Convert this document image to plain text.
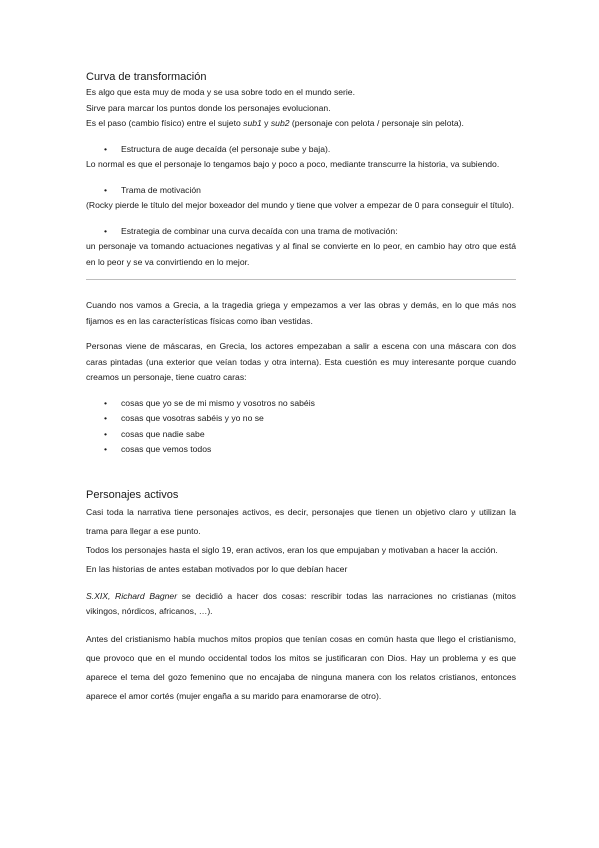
Curva de transformación

Es algo que esta muy de moda y se usa sobre todo en el mundo serie.

Sirve para marcar los puntos donde los personajes evolucionan.

Es el paso (cambio físico) entre el sujeto sub1 y sub2 (personaje con pelota / personaje sin pelota).

• Estructura de auge decaída (el personaje sube y baja).

Lo normal es que el personaje lo tengamos bajo y poco a poco, mediante transcurre la historia, va subiendo.

• Trama de motivación

(Rocky pierde le título del mejor boxeador del mundo y tiene que volver a empezar de 0 para conseguir el título).

• Estrategia de combinar una curva decaída con una trama de motivación:

un personaje va tomando actuaciones negativas y al final se convierte en lo peor, en cambio hay otro que está en lo peor y se va convirtiendo en lo mejor.

Cuando nos vamos a Grecia, a la tragedia griega y empezamos a ver las obras y demás, en lo que más nos fijamos es en las características físicas como iban vestidas.

Personas viene de máscaras, en Grecia, los actores empezaban a salir a escena con una máscara con dos caras pintadas (una exterior que veían todas y otra interna). Esta cuestión es muy interesante porque cuando creamos un personaje, tiene cuatro caras:

• cosas que yo se de mi mismo y vosotros no sabéis
• cosas que vosotras sabéis y yo no se
• cosas que nadie sabe
• cosas que vemos todos
Personajes activos

Casi toda la narrativa tiene personajes activos, es decir, personajes que tienen un objetivo claro y utilizan la trama para llegar a ese punto.

Todos los personajes hasta el siglo 19, eran activos, eran los que empujaban y motivaban a hacer la acción.

En las historias de antes estaban motivados por lo que debían hacer

S.XIX, Richard Bagner se decidió a hacer dos cosas: rescribir todas las narraciones no cristianas (mitos vikingos, nórdicos, africanos, …).

Antes del cristianismo había muchos mitos propios que tenían cosas en común hasta que llego el cristianismo, que provoco que en el mundo occidental todos los mitos se justificaran con Dios. Hay un problema y es que aparece el tema del gozo femenino que no encajaba de ninguna manera con los relatos cristianos, entonces aparece el amor cortés (mujer engaña a su marido para enamorarse de otro).
